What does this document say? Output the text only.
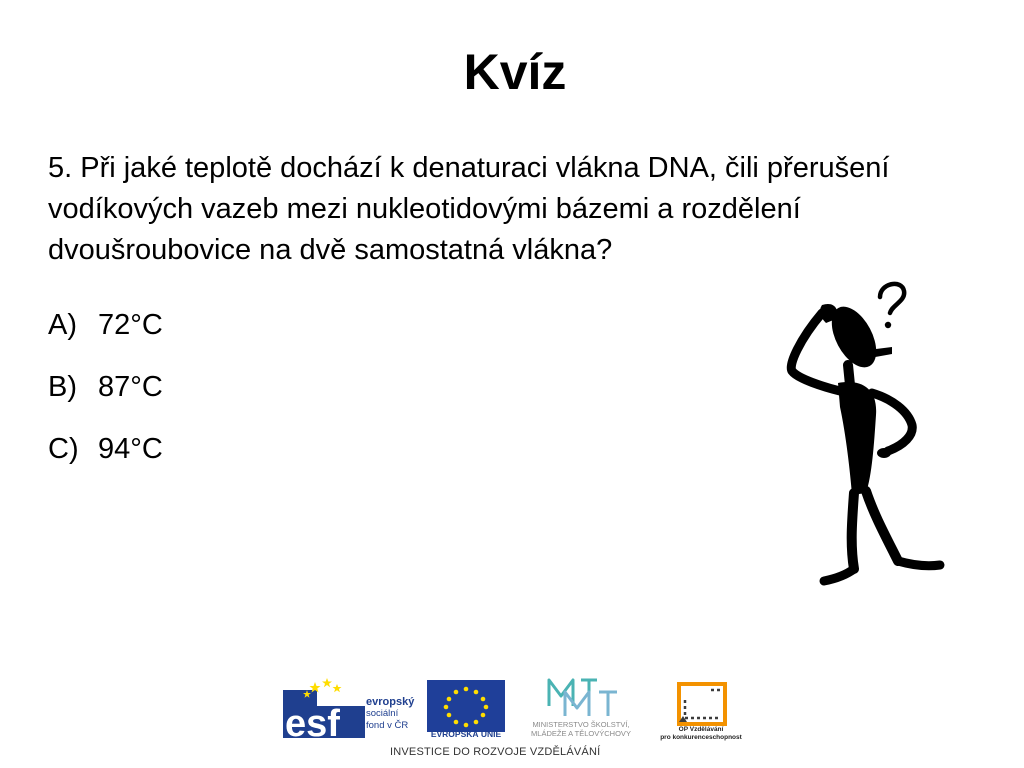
Kvíz

5. Při jaké teplotě dochází k denaturaci vlákna DNA, čili přerušení vodíkových vazeb mezi nukleotidovými bázemi a rozdělení dvoušroubovice na dvě samostatná vlákna?

A) 72°C
B) 87°C
C) 94°C
esf
evropský
sociální
fond v ČR
EVROPSKÁ UNIE
MINISTERSTVO ŠKOLSTVÍ,
MLÁDEŽE A TĚLOVÝCHOVY	OP Vzdělávání
pro konkurenceschopnost
INVESTICE DO ROZVOJE VZDĚLÁVÁNÍ
